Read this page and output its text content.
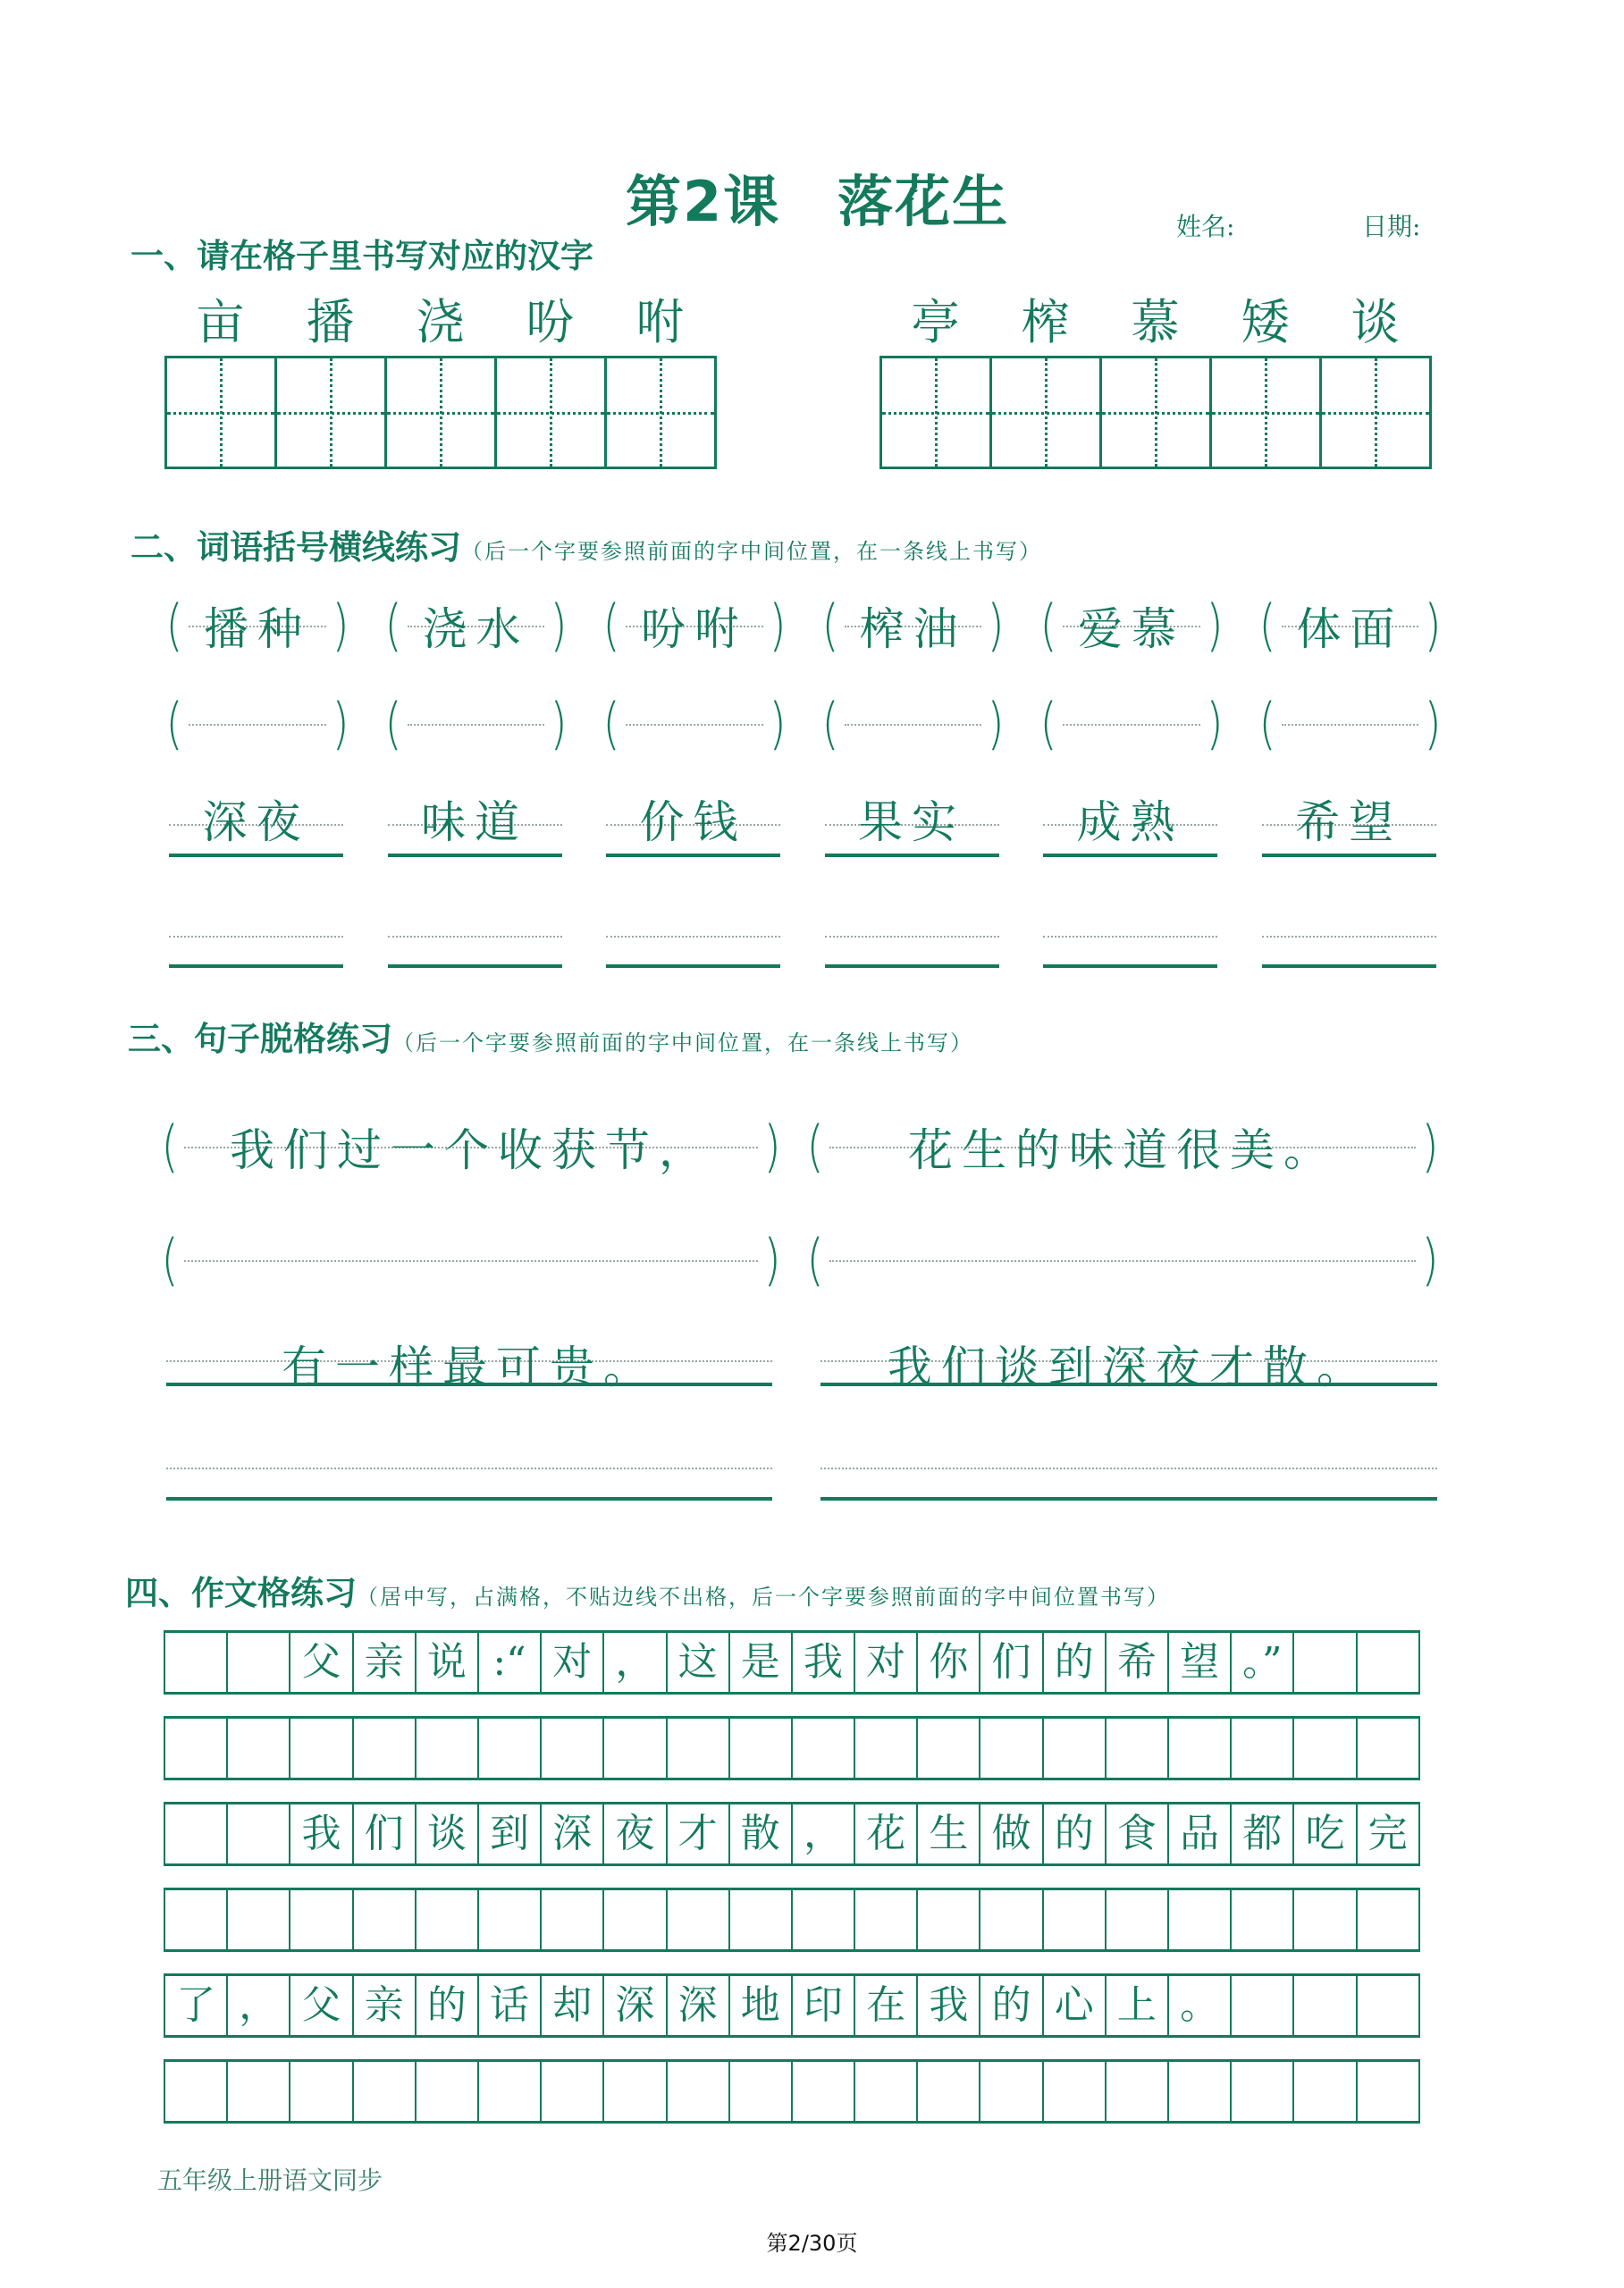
第2课　落花生	姓名:	日期:
一、请在格子里书写对应的汉字
亩	播	浇	吩	咐	亭	榨	慕	矮	谈
二、词语括号横线练习（后一个字要参照前面的字中间位置，在一条线上书写）
( 播种 ) ( 浇水 ) ( 吩咐 ) ( 榨油 ) ( 爱慕 ) ( 体面 )
(	) (	) (	) (	) (	) (	)
深夜	味道	价钱	果实	成熟	希望
三、句子脱格练习（后一个字要参照前面的字中间位置，在一条线上书写）
( 我们过一个收获节， ) ( 花生的味道很美。 )
(	) (	)
有一样最可贵。	我们谈到深夜才散。
四、作文格练习（居中写，占满格，不贴边线不出格，后一个字要参照前面的字中间位置书写）
父 亲 说 :“ 对 ， 这 是 我 对 你 们 的 希 望 。”
我 们 谈 到 深 夜 才 散 ， 花 生 做 的 食 品 都 吃 完
了 ， 父 亲 的 话 却 深 深 地 印 在 我 的 心 上 。
五年级上册语文同步
第2/30页
